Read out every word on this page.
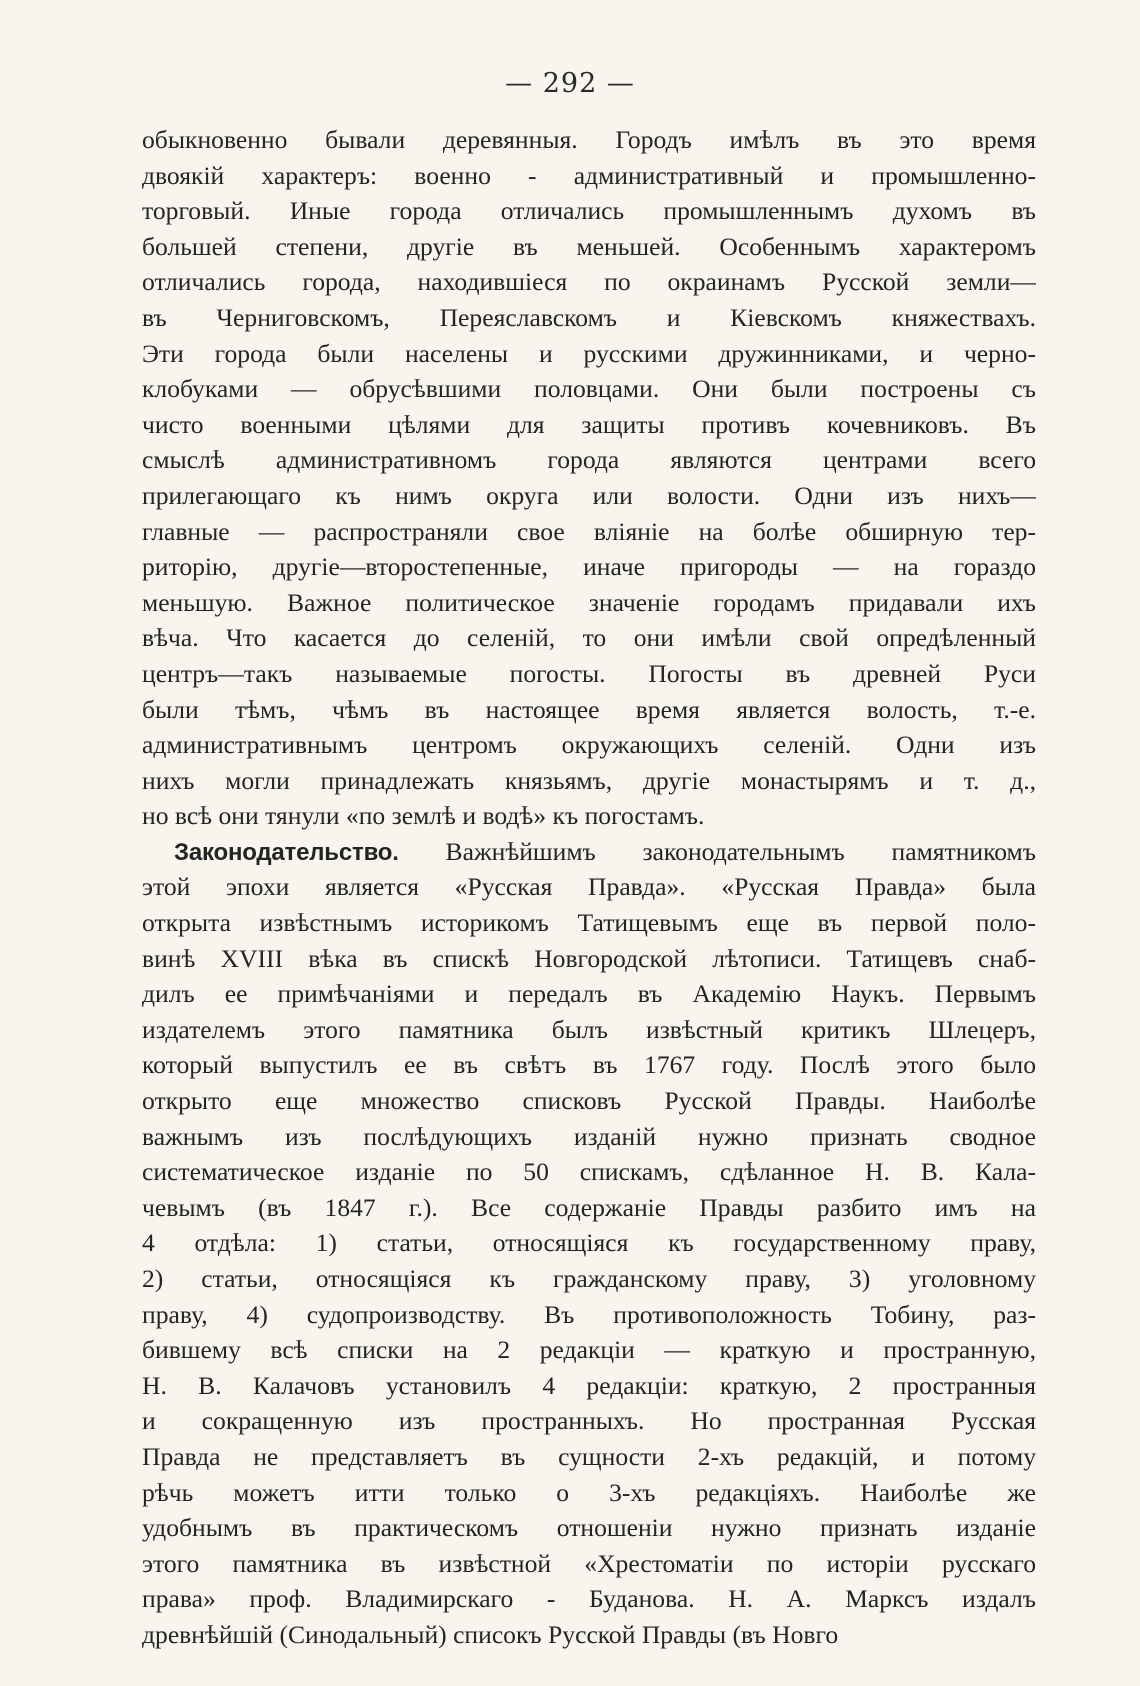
— 292 —
обыкновенно бывали деревянныя. Городъ имѣлъ въ это время
двоякій характеръ: военно - административный и промышленно-
торговый. Иные города отличались промышленнымъ духомъ въ
большей степени, другіе въ меньшей. Особеннымъ характеромъ
отличались города, находившіеся по окраинамъ Русской земли—
въ Черниговскомъ, Переяславскомъ и Кіевскомъ княжествахъ.
Эти города были населены и русскими дружинниками, и черно-
клобуками — обрусѣвшими половцами. Они были построены съ
чисто военными цѣлями для защиты противъ кочевниковъ. Въ
смыслѣ административномъ города являются центрами всего
прилегающаго къ нимъ округа или волости. Одни изъ нихъ—
главные — распространяли свое вліяніе на болѣе обширную тер-
риторію, другіе—второстепенные, иначе пригороды — на гораздо
меньшую. Важное политическое значеніе городамъ придавали ихъ
вѣча. Что касается до селеній, то они имѣли свой опредѣленный
центръ—такъ называемые погосты. Погосты въ древней Руси
были тѣмъ, чѣмъ въ настоящее время является волость, т.-е.
административнымъ центромъ окружающихъ селеній. Одни изъ
нихъ могли принадлежать князьямъ, другіе монастырямъ и т. д.,
но всѣ они тянули «по землѣ и водѣ» къ погостамъ.
Законодательство. Важнѣйшимъ законодательнымъ памятникомъ
этой эпохи является «Русская Правда». «Русская Правда» была
открыта извѣстнымъ историкомъ Татищевымъ еще въ первой поло-
винѣ XVIII вѣка въ спискѣ Новгородской лѣтописи. Татищевъ снаб-
дилъ ее примѣчаніями и передалъ въ Академію Наукъ. Первымъ
издателемъ этого памятника былъ извѣстный критикъ Шлецеръ,
который выпустилъ ее въ свѣтъ въ 1767 году. Послѣ этого было
открыто еще множество списковъ Русской Правды. Наиболѣе
важнымъ изъ послѣдующихъ изданій нужно признать сводное
систематическое изданіе по 50 спискамъ, сдѣланное Н. В. Кала-
чевымъ (въ 1847 г.). Все содержаніе Правды разбито имъ на
4 отдѣла: 1) статьи, относящіяся къ государственному праву,
2) статьи, относящіяся къ гражданскому праву, 3) уголовному
праву, 4) судопроизводству. Въ противоположность Тобину, раз-
бившему всѣ списки на 2 редакціи — краткую и пространную,
Н. В. Калачовъ установилъ 4 редакціи: краткую, 2 пространныя
и сокращенную изъ пространныхъ. Но пространная Русская
Правда не представляетъ въ сущности 2-хъ редакцій, и потому
рѣчь можетъ итти только о 3-хъ редакціяхъ. Наиболѣе же
удобнымъ въ практическомъ отношеніи нужно признать изданіе
этого памятника въ извѣстной «Хрестоматіи по исторіи русскаго
права» проф. Владимирскаго - Буданова. Н. А. Марксъ издалъ
древнѣйшій (Синодальный) списокъ Русской Правды (въ Новго
